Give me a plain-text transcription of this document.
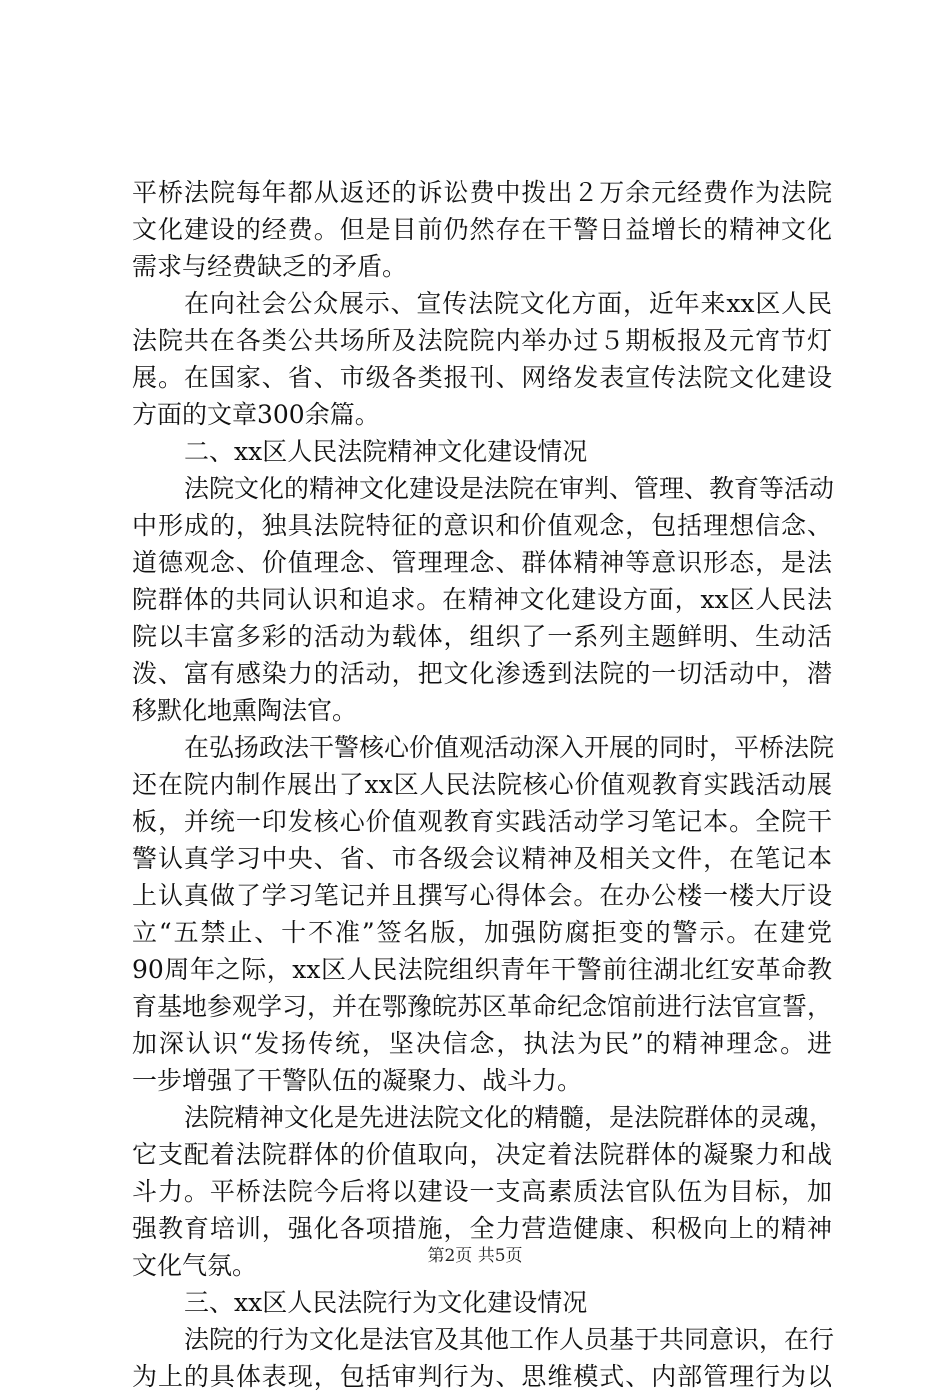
平桥法院每年都从返还的诉讼费中拨出２万余元经费作为法院
文化建设的经费。但是目前仍然存在干警日益增长的精神文化
需求与经费缺乏的矛盾。
在向社会公众展示、宣传法院文化方面，近年来xx区人民
法院共在各类公共场所及法院院内举办过５期板报及元宵节灯
展。在国家、省、市级各类报刊、网络发表宣传法院文化建设
方面的文章300余篇。
二、xx区人民法院精神文化建设情况
法院文化的精神文化建设是法院在审判、管理、教育等活动
中形成的，独具法院特征的意识和价值观念，包括理想信念、
道德观念、价值理念、管理理念、群体精神等意识形态，是法
院群体的共同认识和追求。在精神文化建设方面，xx区人民法
院以丰富多彩的活动为载体，组织了一系列主题鲜明、生动活
泼、富有感染力的活动，把文化渗透到法院的一切活动中，潜
移默化地熏陶法官。
在弘扬政法干警核心价值观活动深入开展的同时，平桥法院
还在院内制作展出了xx区人民法院核心价值观教育实践活动展
板，并统一印发核心价值观教育实践活动学习笔记本。全院干
警认真学习中央、省、市各级会议精神及相关文件，在笔记本
上认真做了学习笔记并且撰写心得体会。在办公楼一楼大厅设
立“五禁止、十不准”签名版，加强防腐拒变的警示。在建党
90周年之际，xx区人民法院组织青年干警前往湖北红安革命教
育基地参观学习，并在鄂豫皖苏区革命纪念馆前进行法官宣誓，
加深认识“发扬传统，坚决信念，执法为民”的精神理念。进
一步增强了干警队伍的凝聚力、战斗力。
法院精神文化是先进法院文化的精髓，是法院群体的灵魂，
它支配着法院群体的价值取向，决定着法院群体的凝聚力和战
斗力。平桥法院今后将以建设一支高素质法官队伍为目标，加
强教育培训，强化各项措施，全力营造健康、积极向上的精神
文化气氛。
三、xx区人民法院行为文化建设情况
法院的行为文化是法官及其他工作人员基于共同意识，在行
为上的具体表现，包括审判行为、思维模式、内部管理行为以
第2页 共5页
